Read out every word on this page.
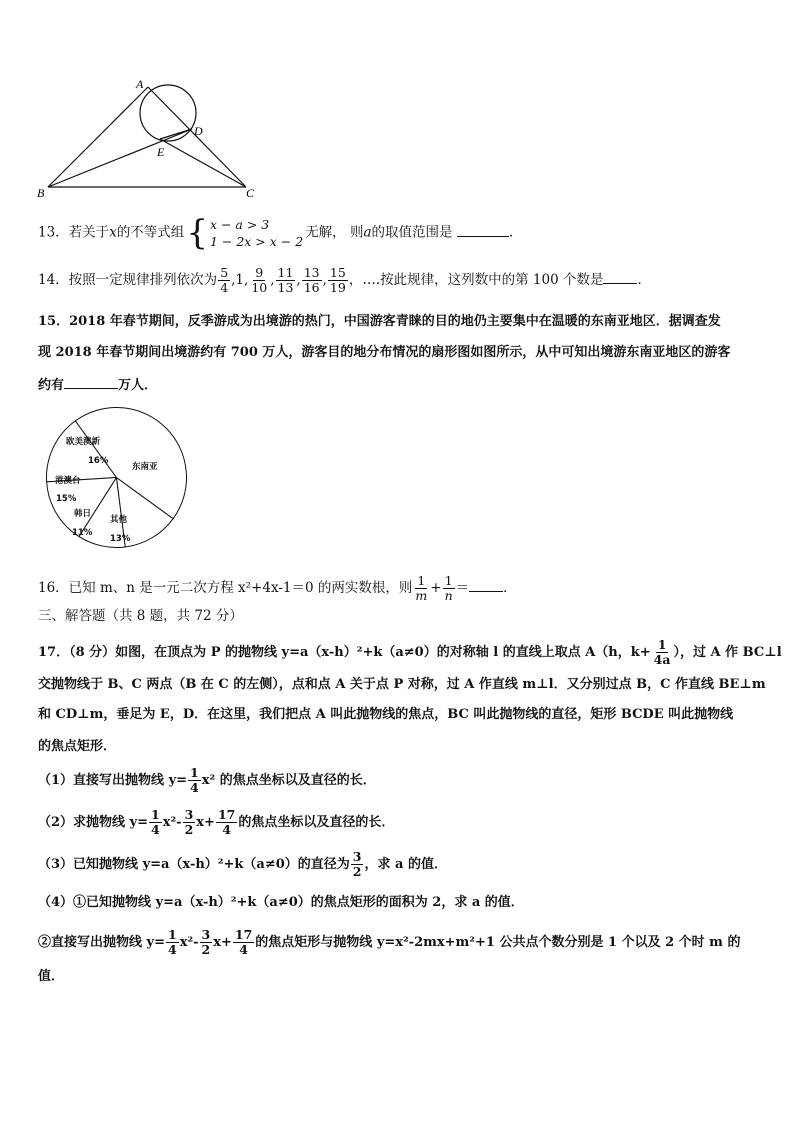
A
B	C
D
E
13．若关于x的不等式组 { x − a > 3
1 − 2x > x − 2
无解， 则a的取值范围是	.
14．按照一定规律排列依次为 $\frac{5}{4} ,1$, $\frac{9}{10}$ , $\frac{11}{13}$ , $\frac{13}{16}$ , $\frac{15}{19}$ ，….按此规律，这列数中的第 100 个数是	．
15．2018 年春节期间，反季游成为出境游的热门，中国游客青睐的目的地仍主要集中在温暖的东南亚地区．据调查发
现 2018 年春节期间出境游约有 700 万人，游客目的地分布情况的扇形图如图所示，从中可知出境游东南亚地区的游客
约有	万人．
欧美澳新
16%
港澳台
15%
韩日
11%
其他
13%
东南亚
16．已知 m、n 是一元二次方程 x²+4x-1＝0 的两实数根，则 $\frac{1}{m} + \frac{1}{n}$ ＝	．
三、解答题（共 8 题，共 72 分）
17．（8 分）如图，在顶点为 P 的抛物线 y=a（x-h）²+k（a≠0）的对称轴 l 的直线上取点 A（h，$k+ \frac{1}{4a}$ ），过 A 作 BC⊥l
交抛物线于 B、C 两点（B 在 C 的左侧），点和点 A 关于点 P 对称，过 A 作直线 m⊥l．又分别过点 B，C 作直线 BE⊥m
和 CD⊥m，垂足为 E，D．在这里，我们把点 A 叫此抛物线的焦点，BC 叫此抛物线的直径，矩形 BCDE 叫此抛物线
的焦点矩形．
（1）直接写出抛物线 $y= \frac{1}{4} x^2$ 的焦点坐标以及直径的长．
（2）求抛物线 $y= \frac{1}{4} x^2- \frac{3}{2} x+ \frac{17}{4}$ 的焦点坐标以及直径的长．
（3）已知抛物线 y=a（x-h）²+k（a≠0）的直径为 $\frac{3}{2}$ ，求 a 的值．
（4）①已知抛物线 y=a（x-h）²+k（a≠0）的焦点矩形的面积为 2，求 a 的值．
②直接写出抛物线 $y= \frac{1}{4} x^2- \frac{3}{2} x+ \frac{17}{4}$ 的焦点矩形与抛物线 y=x²-2mx+m²+1 公共点个数分别是 1 个以及 2 个时 m 的
值．
